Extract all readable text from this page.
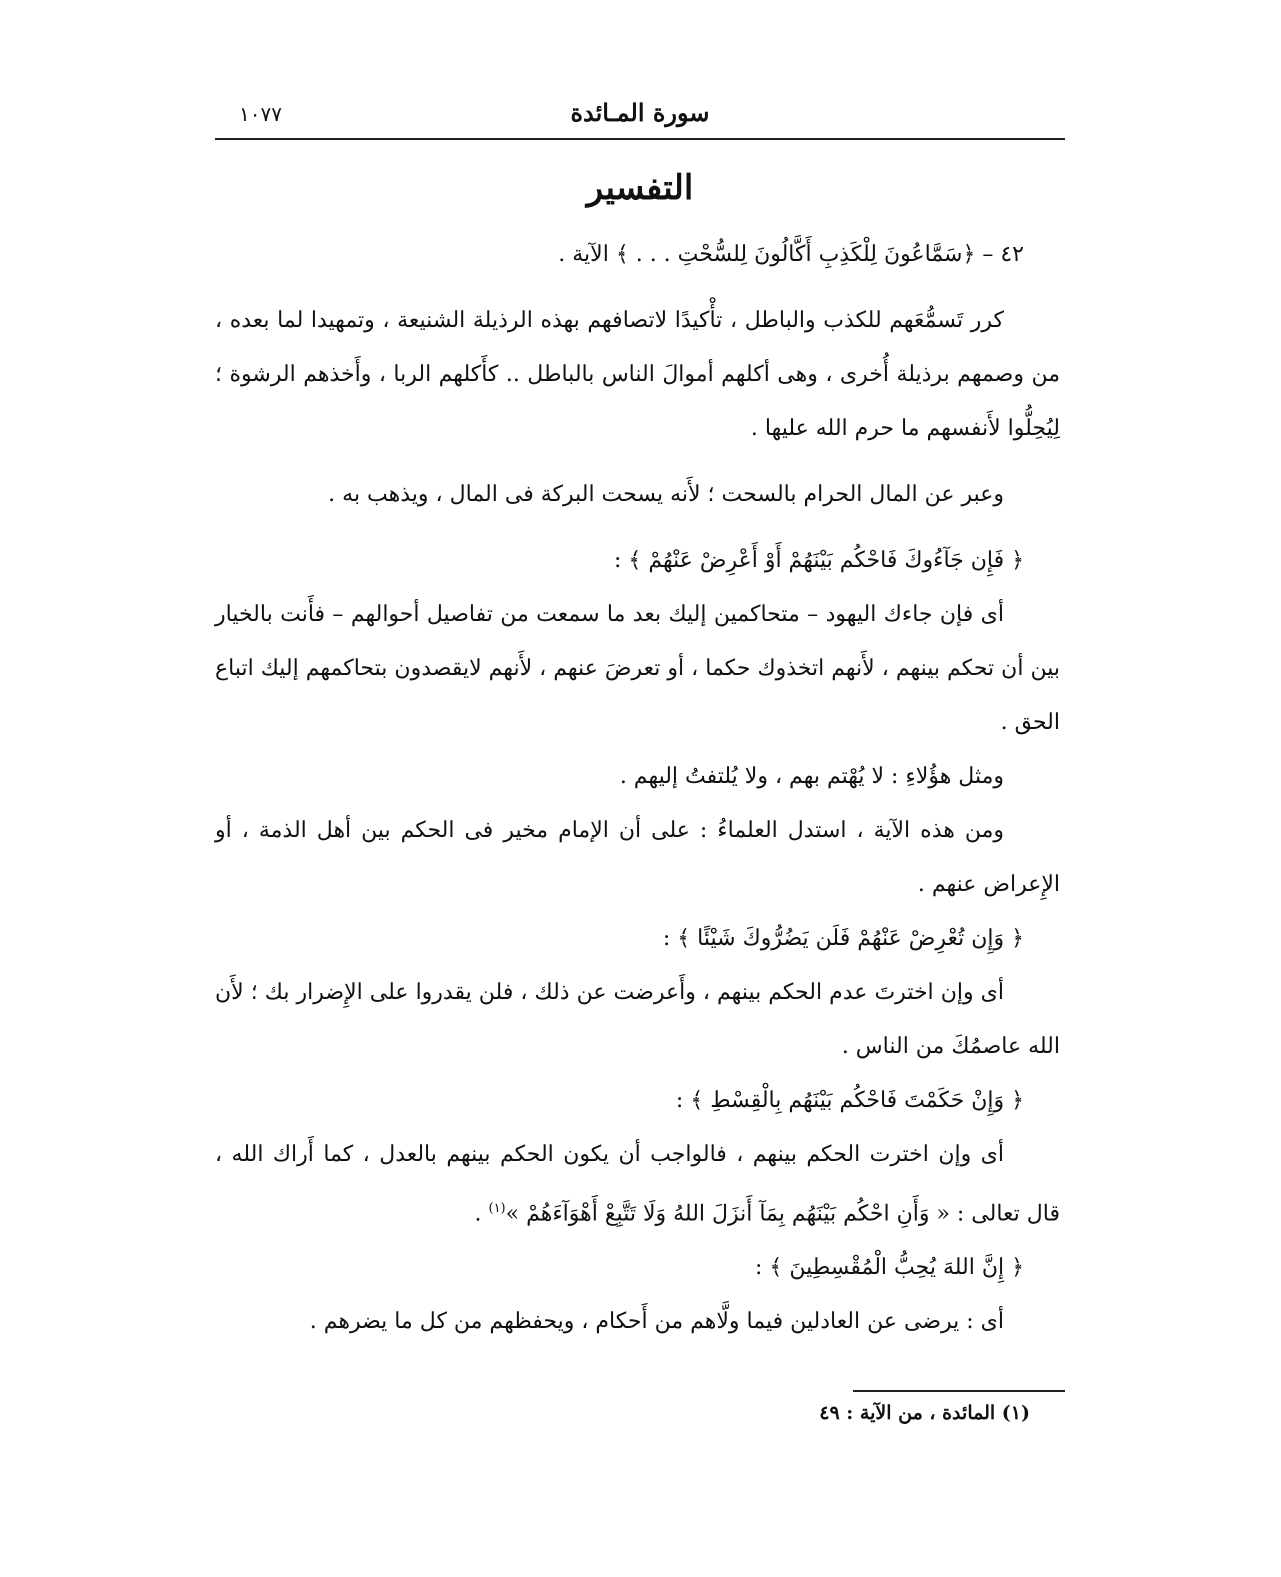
١٠٧٧	سورة المـائدة
التفسير

٤٢ – ﴿سَمَّاعُونَ لِلْكَذِبِ أَكَّالُونَ لِلسُّحْتِ . . . ﴾ الآية .

كرر تَسمُّعَهم للكذب والباطل ، تأْكيدًا لاتصافهم بهذه الرذيلة الشنيعة ، وتمهيدا لما بعده ، من وصمهم برذيلة أُخرى ، وهى أكلهم أموالَ الناس بالباطل .. كأَكلهم الربا ، وأَخذهم الرشوة ؛ لِيُحِلُّوا لأَنفسهم ما حرم الله عليها .

وعبر عن المال الحرام بالسحت ؛ لأَنه يسحت البركة فى المال ، ويذهب به .

﴿ فَإِن جَآءُوكَ فَاحْكُم بَيْنَهُمْ أَوْ أَعْرِضْ عَنْهُمْ ﴾ :

أى فإن جاءك اليهود – متحاكمين إليك بعد ما سمعت من تفاصيل أحوالهم – فأَنت بالخيار بين أن تحكم بينهم ، لأَنهم اتخذوك حكما ، أو تعرضَ عنهم ، لأَنهم لايقصدون بتحاكمهم إليك اتباع الحق .

ومثل هؤُلاءِ : لا يُهْتم بهم ، ولا يُلتفتُ إليهم .

ومن هذه الآية ، استدل العلماءُ : على أن الإمام مخير فى الحكم بين أهل الذمة ، أو الإِعراض عنهم .

﴿ وَإِن تُعْرِضْ عَنْهُمْ فَلَن يَضُرُّوكَ شَيْئًا ﴾ :

أى وإن اخترتَ عدم الحكم بينهم ، وأَعرضت عن ذلك ، فلن يقدروا على الإِضرار بك ؛ لأَن الله عاصمُكَ من الناس .

﴿ وَإِنْ حَكَمْتَ فَاحْكُم بَيْنَهُم بِالْقِسْطِ ﴾ :

أى وإن اخترت الحكم بينهم ، فالواجب أن يكون الحكم بينهم بالعدل ، كما أَراك الله ، قال تعالى : « وَأَنِ احْكُم بَيْنَهُم بِمَآ أَنزَلَ اللهُ وَلَا تَتَّبِعْ أَهْوَآءَهُمْ »$^{(١)}$ .

﴿ إِنَّ اللهَ يُحِبُّ الْمُقْسِطِينَ ﴾ :

أى : يرضى عن العادلين فيما ولَّاهم من أَحكام ، ويحفظهم من كل ما يضرهم .

(١) المائدة ، من الآية : ٤٩
